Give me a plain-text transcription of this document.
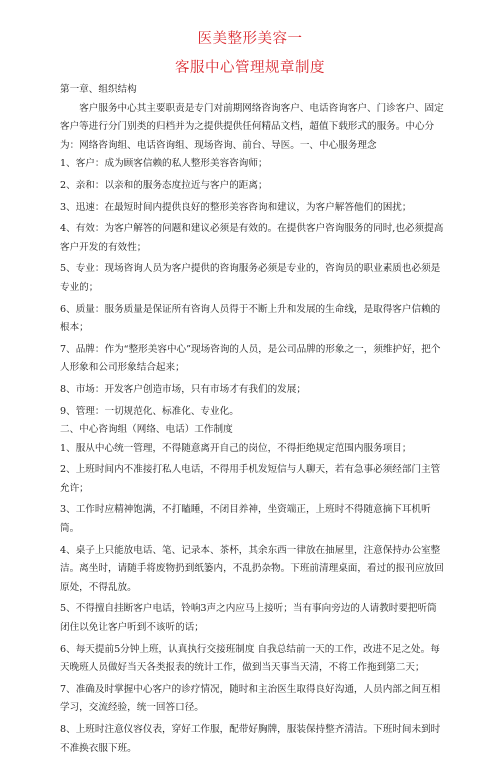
医美整形美容一
客服中心管理规章制度

第一章、组织结构

客户服务中心其主要职责是专门对前期网络咨询客户、电话咨询客户、门诊客户、固定客户等进行分门别类的归档并为之提供提供任何精品文档，超值下载形式的服务。中心分为：网络咨询组、电话咨询组、现场咨询、前台、导医。一、中心服务理念

1、客户：成为顾客信赖的私人整形美容咨询师；

2、亲和：以亲和的服务态度拉近与客户的距离；

3、迅速：在最短时间内提供良好的整形美容咨询和建议，为客户解答他们的困扰；

4、有效：为客户解答的问题和建议必须是有效的。在提供客户咨询服务的同时,也必须提高客户开发的有效性；

5、专业：现场咨询人员为客户提供的咨询服务必须是专业的，咨询员的职业素质也必须是专业的；

6、质量：服务质量是保证所有咨询人员得于不断上升和发展的生命线，是取得客户信赖的根本；

7、品牌：作为“整形美容中心”现场咨询的人员，是公司品牌的形象之一，须维护好，把个人形象和公司形象结合起来；

8、市场：开发客户创造市场，只有市场才有我们的发展；

9、管理：一切规范化、标准化、专业化。

二、中心咨询组（网络、电话）工作制度

1、服从中心统一管理，不得随意离开自己的岗位，不得拒绝规定范围内服务项目；

2、上班时间内不准接打私人电话，不得用手机发短信与人聊天，若有急事必须经部门主管允许；

3、工作时应精神饱满，不打瞌睡，不闭目养神，坐资端正，上班时不得随意摘下耳机听筒。

4、桌子上只能放电话、笔、记录本、茶杯，其余东西一律放在抽屉里，注意保持办公室整洁。离坐时，请随手将废物扔到纸篓内，不乱扔杂物。下班前清理桌面，看过的报刊应放回原处，不得乱放。

5、不得擅自挂断客户电话，铃响3声之内应马上接听；当有事向旁边的人请教时要把听筒闭住以免让客户听到不该听的话；

6、每天提前5分钟上班，认真执行交接班制度 自我总结前一天的工作，改进不足之处。每天晚班人员做好当天各类报表的统计工作，做到当天事当天清，不将工作拖到第二天；

7、准确及时掌握中心客户的诊疗情况，随时和主治医生取得良好沟通，人员内部之间互相学习，交流经验，统一回答口径。

8、上班时注意仪容仪表，穿好工作服，配带好胸牌，服装保持整齐清洁。下班时间未到时不准换衣服下班。
